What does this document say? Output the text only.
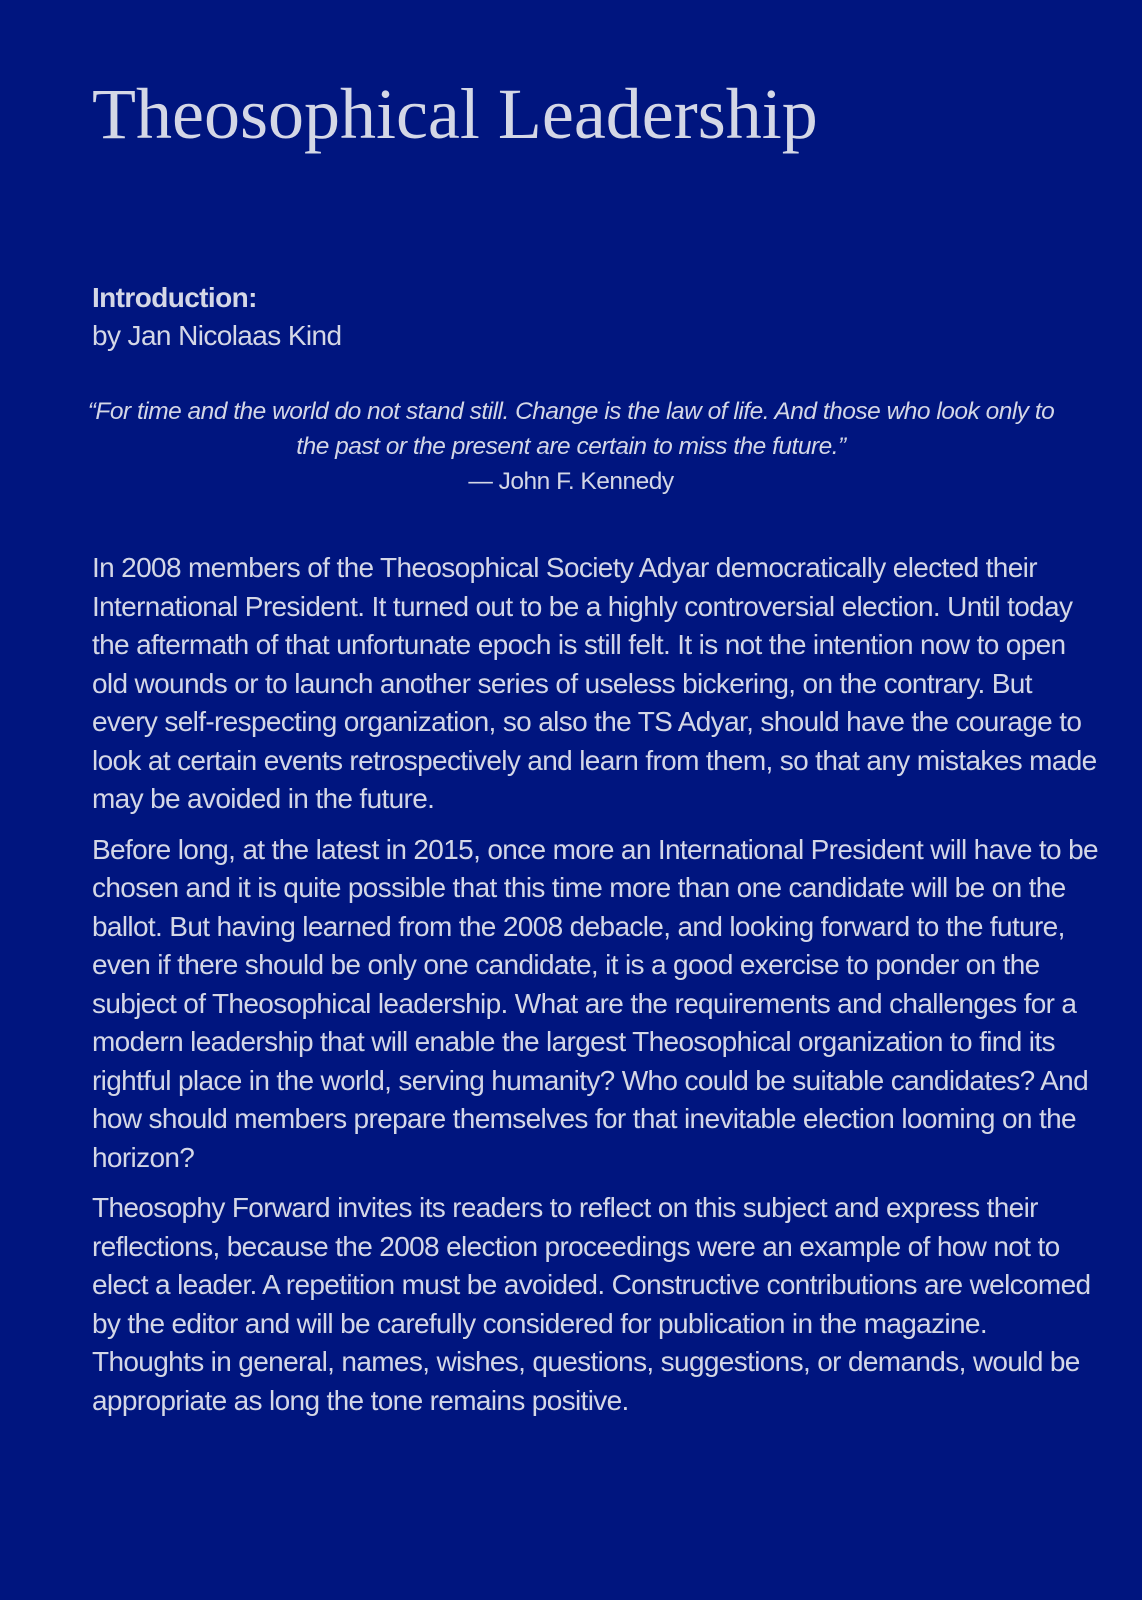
Theosophical Leadership
Introduction:
by Jan Nicolaas Kind
“For time and the world do not stand still. Change is the law of life. And those who look only to the past or the present are certain to miss the future.”
— John F. Kennedy

In 2008 members of the Theosophical Society Adyar democratically elected their International President. It turned out to be a highly controversial election. Until today the aftermath of that unfortunate epoch is still felt. It is not the intention now to open old wounds or to launch another series of useless bickering, on the contrary. But every self-respecting organization, so also the TS Adyar, should have the courage to look at certain events retrospectively and learn from them, so that any mistakes made may be avoided in the future.

Before long, at the latest in 2015, once more an International President will have to be chosen and it is quite possible that this time more than one candidate will be on the ballot. But having learned from the 2008 debacle, and looking forward to the future, even if there should be only one candidate, it is a good exercise to ponder on the subject of Theosophical leadership. What are the requirements and challenges for a modern leadership that will enable the largest Theosophical organization to find its rightful place in the world, serving humanity? Who could be suitable candidates? And how should members prepare themselves for that inevitable election looming on the horizon?

Theosophy Forward invites its readers to reflect on this subject and express their reflections, because the 2008 election proceedings were an example of how not to elect a leader. A repetition must be avoided. Constructive contributions are welcomed by the editor and will be carefully considered for publication in the magazine. Thoughts in general, names, wishes, questions, suggestions, or demands, would be appropriate as long the tone remains positive.
